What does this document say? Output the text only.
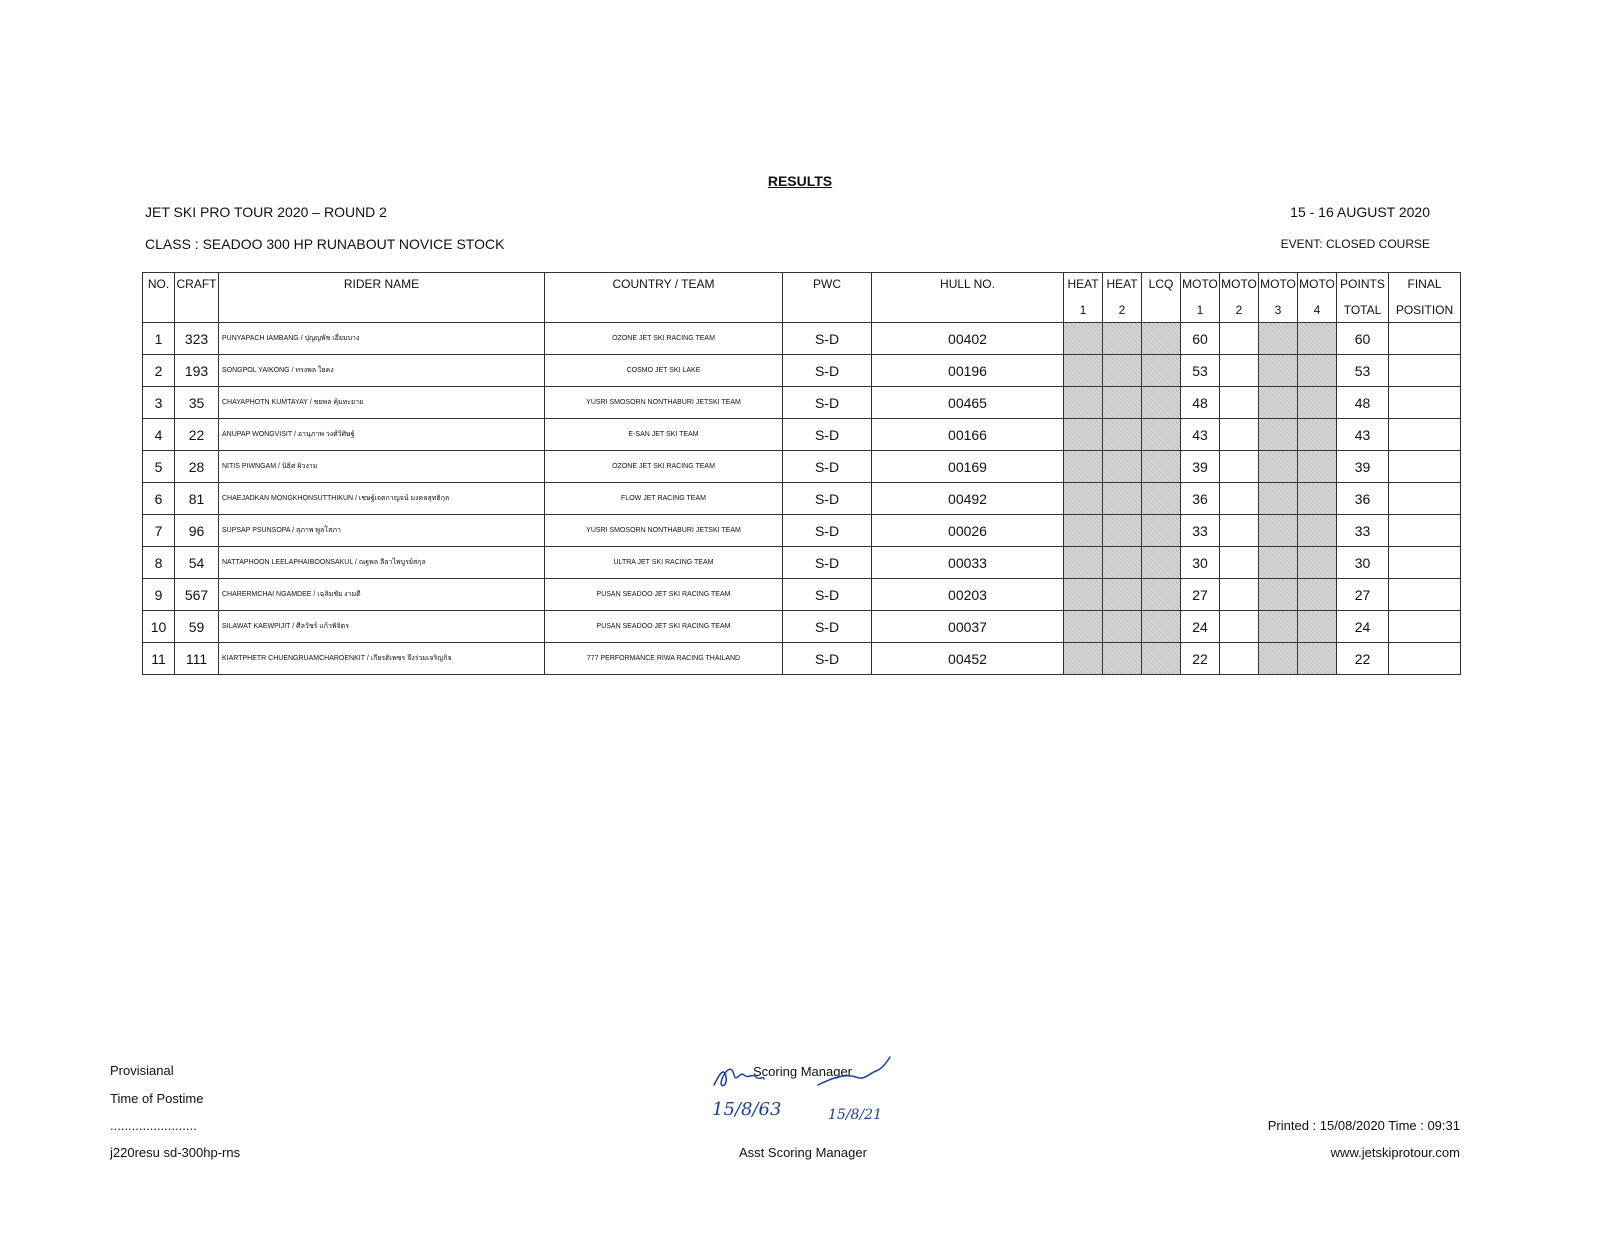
RESULTS
JET SKI PRO TOUR 2020 – ROUND 2	15 - 16 AUGUST 2020
CLASS : SEADOO 300 HP RUNABOUT NOVICE STOCK	EVENT: CLOSED COURSE
NO.	CRAFT	RIDER NAME	COUNTRY / TEAM	PWC	HULL NO.	HEAT	HEAT	LCQ	MOTO	MOTO	MOTO	MOTO	POINTS	FINAL
						1	2		1	2	3	4	TOTAL	POSITION
1	323	PUNYAPACH IAMBANG / ปุญญพัช เอี่ยมบาง	OZONE JET SKI RACING TEAM	S-D	00402				60				60	
2	193	SONGPOL YAIKONG / ทรงพล ใยคง	COSMO JET SKI LAKE	S-D	00196				53				53	
3	35	CHAYAPHOTN KUMTAYAY / ชยพล คุ้มทะยาย	YUSRI SMOSORN NONTHABURI JETSKI TEAM	S-D	00465				48				48	
4	22	ANUPAP WONGVISIT / อานุภาพ วงศ์วิศิษฐ์	E-SAN JET SKI TEAM	S-D	00166				43				43	
5	28	NITIS PIWNGAM / นิธิศ ผิวงาม	OZONE JET SKI RACING TEAM	S-D	00169				39				39	
6	81	CHAEJADKAN MONGKHONSUTTHIKUN / เชษฐ์เจตกาญจน์ มงคลสุทธิกุล	FLOW JET RACING TEAM	S-D	00492				36				36	
7	96	SUPSAP PSUNSOPA / สุภาพ พูลโสภา	YUSRI SMOSORN NONTHABURI JETSKI TEAM	S-D	00026				33				33	
8	54	NATTAPHOON LEELAPHAIBOONSAKUL / ณฐพล ลีลาไพบูรย์สกุล	ULTRA JET SKI RACING TEAM	S-D	00033				30				30	
9	567	CHARERMCHAI NGAMDEE / เฉลิมชัย งามดี	PUSAN SEADOO JET SKI RACING TEAM	S-D	00203				27				27	
10	59	SILAWAT KAEWPIJIT / ศีลวัชร์ แก้วพิจิตร	PUSAN SEADOO JET SKI RACING TEAM	S-D	00037				24				24	
11	111	KIARTPHETR CHUENGRUAMCHAROENKIT / เกียรติเพชร จึงร่วมเจริญกิจ	777 PERFORMANCE RIWA RACING THAILAND	S-D	00452				22				22	
Provisianal
Time of Postime
........................
j220resu sd-300hp-rns
Scoring Manager
Asst Scoring Manager
15/8/63	15/8/21
Printed : 15/08/2020 Time : 09:31
www.jetskiprotour.com
